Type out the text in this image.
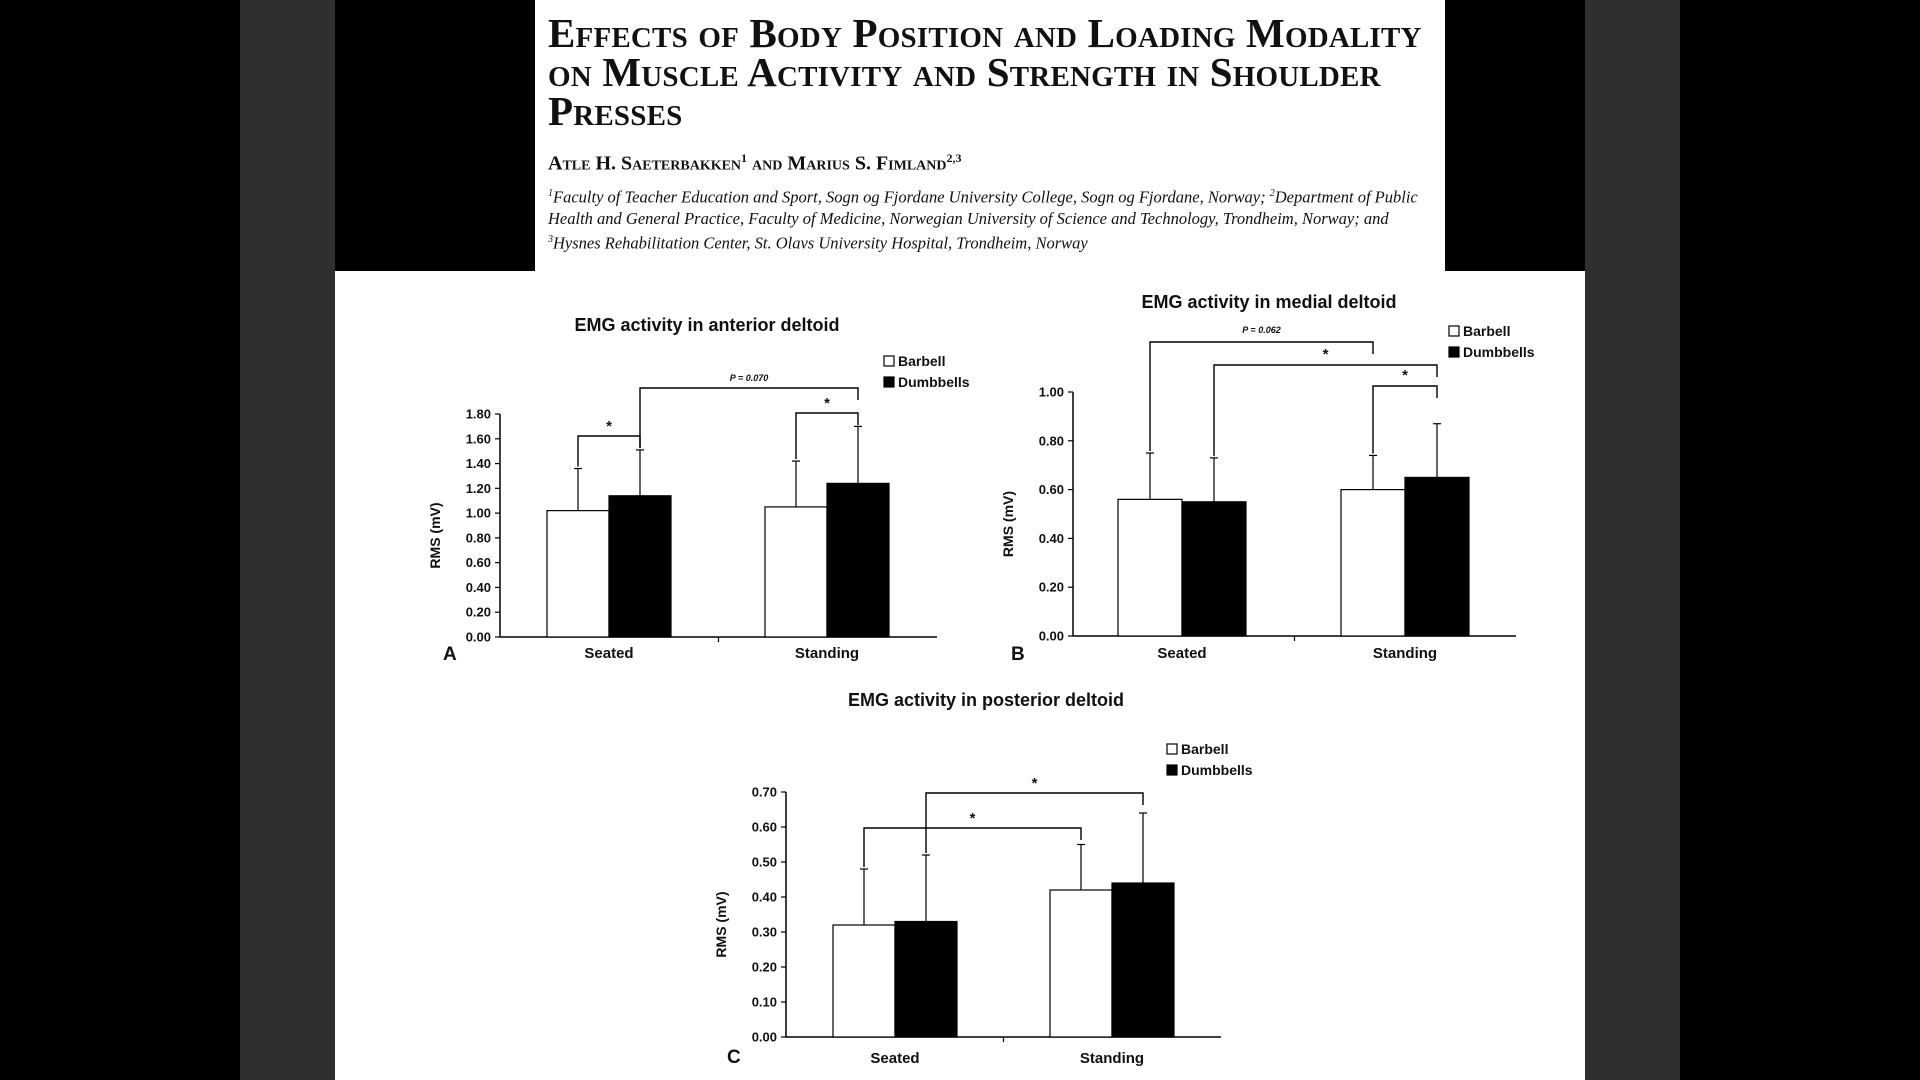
Effects of Body Position and Loading Modality on Muscle Activity and Strength in Shoulder Presses
Atle H. Saeterbakken$^1$ and Marius S. Fimland$^{2,3}$
$^1$Faculty of Teacher Education and Sport, Sogn og Fjordane University College, Sogn og Fjordane, Norway; $^2$Department of Public Health and General Practice, Faculty of Medicine, Norwegian University of Science and Technology, Trondheim, Norway; and $^3$Hysnes Rehabilitation Center, St. Olavs University Hospital, Trondheim, Norway
EMG activity in anterior deltoid
0.00
0.20
0.40
0.60
0.80
1.00
1.20
1.40
1.60
1.80
RMS (mV)
Seated	Standing
A
Barbell
Dumbbells
*
*
P = 0.070
EMG activity in medial deltoid
0.00
0.20
0.40
0.60
0.80
1.00
RMS (mV)
Seated	Standing
B
Barbell
Dumbbells
P = 0.062
*
*
EMG activity in posterior deltoid
0.00
0.10
0.20
0.30
0.40
0.50
0.60
0.70
RMS (mV)
Seated	Standing
C
Barbell
Dumbbells
*
*
